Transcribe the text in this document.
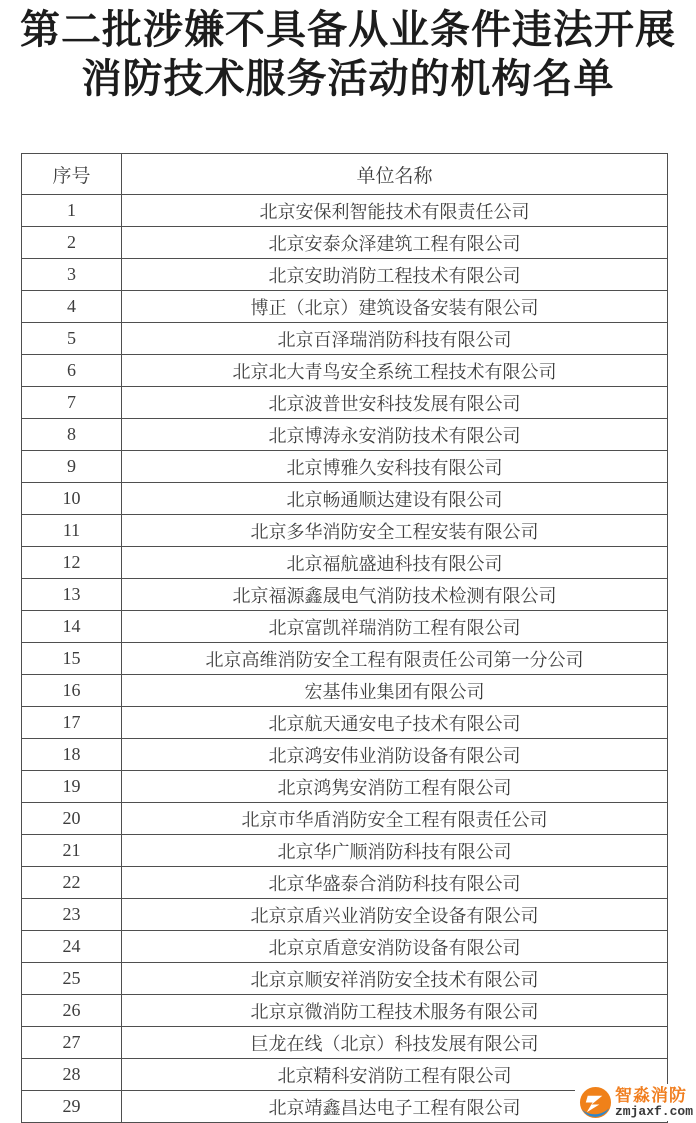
第二批涉嫌不具备从业条件违法开展
消防技术服务活动的机构名单
序号	单位名称
1	北京安保利智能技术有限责任公司
2	北京安泰众泽建筑工程有限公司
3	北京安助消防工程技术有限公司
4	博正（北京）建筑设备安装有限公司
5	北京百泽瑞消防科技有限公司
6	北京北大青鸟安全系统工程技术有限公司
7	北京波普世安科技发展有限公司
8	北京博涛永安消防技术有限公司
9	北京博雅久安科技有限公司
10	北京畅通顺达建设有限公司
11	北京多华消防安全工程安装有限公司
12	北京福航盛迪科技有限公司
13	北京福源鑫晟电气消防技术检测有限公司
14	北京富凯祥瑞消防工程有限公司
15	北京高维消防安全工程有限责任公司第一分公司
16	宏基伟业集团有限公司
17	北京航天通安电子技术有限公司
18	北京鸿安伟业消防设备有限公司
19	北京鸿隽安消防工程有限公司
20	北京市华盾消防安全工程有限责任公司
21	北京华广顺消防科技有限公司
22	北京华盛泰合消防科技有限公司
23	北京京盾兴业消防安全设备有限公司
24	北京京盾意安消防设备有限公司
25	北京京顺安祥消防安全技术有限公司
26	北京京微消防工程技术服务有限公司
27	巨龙在线（北京）科技发展有限公司
28	北京精科安消防工程有限公司
29	北京靖鑫昌达电子工程有限公司
智淼消防
zmjaxf.com
